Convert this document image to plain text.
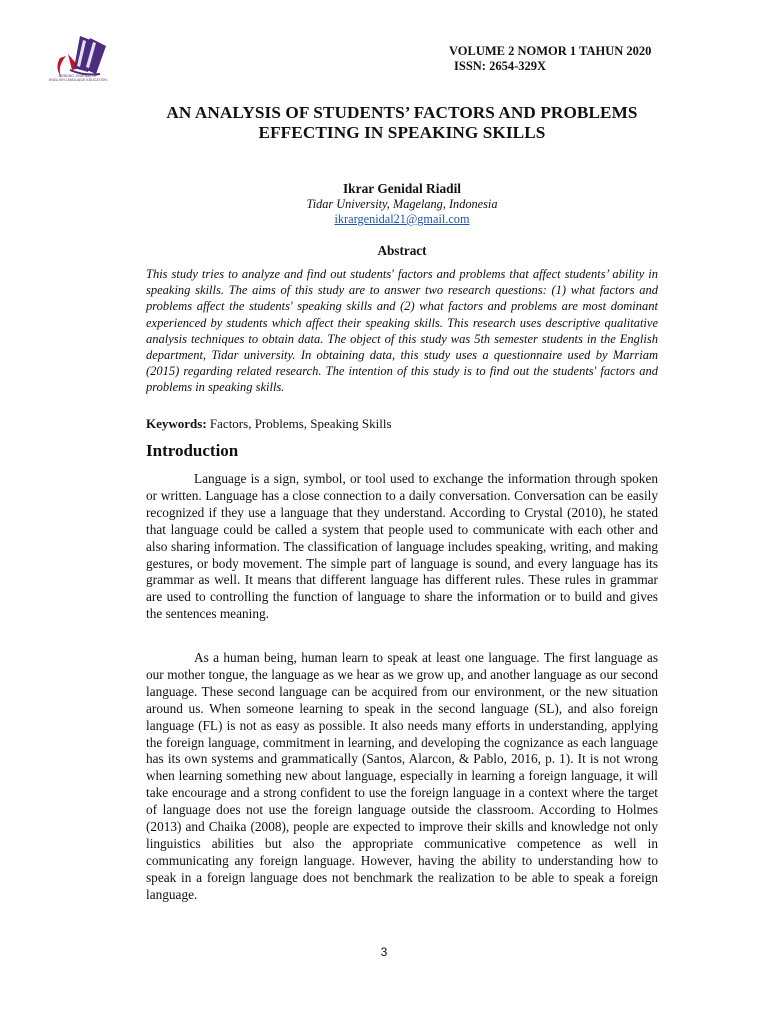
BONDHO JOURNAL OF
ENGLISH LANGUAGE EDUCATION
VOLUME 2 NOMOR 1 TAHUN 2020
ISSN: 2654-329X
AN ANALYSIS OF STUDENTS’ FACTORS AND PROBLEMS
EFFECTING IN SPEAKING SKILLS
Ikrar Genidal Riadil
Tidar University, Magelang, Indonesia
ikrargenidal21@gmail.com
Abstract

This study tries to analyze and find out students' factors and problems that affect students’ ability in speaking skills. The aims of this study are to answer two research questions: (1) what factors and problems affect the students' speaking skills and (2) what factors and problems are most dominant experienced by students which affect their speaking skills. This research uses descriptive qualitative analysis techniques to obtain data. The object of this study was 5th semester students in the English department, Tidar university. In obtaining data, this study uses a questionnaire used by Marriam (2015) regarding related research. The intention of this study is to find out the students' factors and problems in speaking skills.

Keywords: Factors, Problems, Speaking Skills
Introduction

Language is a sign, symbol, or tool used to exchange the information through spoken or written. Language has a close connection to a daily conversation. Conversation can be easily recognized if they use a language that they understand. According to Crystal (2010), he stated that language could be called a system that people used to communicate with each other and also sharing information. The classification of language includes speaking, writing, and making gestures, or body movement. The simple part of language is sound, and every language has its grammar as well. It means that different language has different rules. These rules in grammar are used to controlling the function of language to share the information or to build and gives the sentences meaning.

As a human being, human learn to speak at least one language. The first language as our mother tongue, the language as we hear as we grow up, and another language as our second language. These second language can be acquired from our environment, or the new situation around us. When someone learning to speak in the second language (SL), and also foreign language (FL) is not as easy as possible. It also needs many efforts in understanding, applying the foreign language, commitment in learning, and developing the cognizance as each language has its own systems and grammatically (Santos, Alarcon, & Pablo, 2016, p. 1). It is not wrong when learning something new about language, especially in learning a foreign language, it will take encourage and a strong confident to use the foreign language in a context where the target of language does not use the foreign language outside the classroom. According to Holmes (2013) and Chaika (2008), people are expected to improve their skills and knowledge not only linguistics abilities but also the appropriate communicative competence as well in communicating any foreign language. However, having the ability to understanding how to speak in a foreign language does not benchmark the realization to be able to speak a foreign language.

3
